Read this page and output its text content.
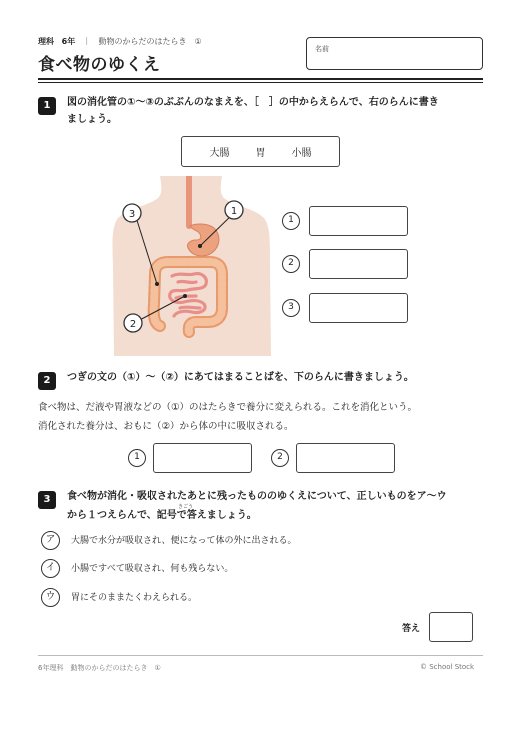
理科 6年 ｜ 動物のからだのはたらき　①
食べ物のゆくえ
名前
1	図の消化管の①〜③のぶぶんのなまえを、［　］の中からえらんで、右のらんに書き
ましょう。
大腸	胃	小腸
3	1
2
1
2
3
2	つぎの文の（①）〜（②）にあてはまることばを、下のらんに書きましょう。
食べ物は、だ液や胃液などの（①）のはたらきで養分に変えられる。これを消化という。
消化された養分は、おもに（②）から体の中に吸収される。
1	2
3	食べ物が消化・吸収されたあとに残ったもののゆくえについて、正しいものをア〜ウ
きごう
から１つえらんで、記号で答えましょう。
ア	大腸で水分が吸収され、便になって体の外に出される。
イ	小腸ですべて吸収され、何も残らない。
ウ	胃にそのままたくわえられる。
答え
6年理科　動物のからだのはたらき　①	© School Stock
